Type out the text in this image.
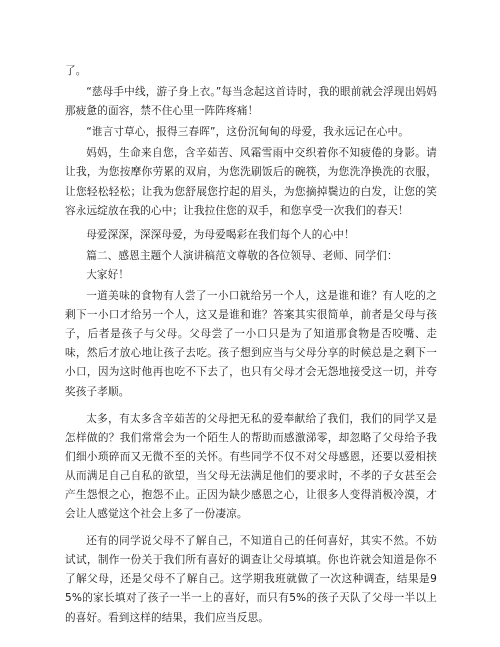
了。

“慈母手中线，游子身上衣。”每当念起这首诗时，我的眼前就会浮现出妈妈那疲惫的面容，禁不住心里一阵阵疼痛！

“谁言寸草心，报得三春晖”，这份沉甸甸的母爱，我永远记在心中。

妈妈，生命来自您，含辛茹苦、风霜雪雨中交织着你不知疲倦的身影。请让我，为您按摩你劳累的双肩，为您洗刷饭后的碗筷，为您洗净换洗的衣服，让您轻松轻松；让我为您舒展您拧起的眉头，为您摘掉鬓边的白发，让您的笑容永远绽放在我的心中；让我拉住您的双手，和您享受一次我们的春天！

母爱深深，深深母爱，为母爱喝彩在我们每个人的心中！

篇二、感恩主题个人演讲稿范文尊敬的各位领导、老师、同学们：

大家好！

一道美味的食物有人尝了一小口就给另一个人，这是谁和谁？有人吃的之剩下一小口才给另一个人，这又是谁和谁？答案其实很简单，前者是父母与孩子，后者是孩子与父母。父母尝了一小口只是为了知道那食物是否咬嘴、走味，然后才放心地让孩子去吃。孩子想到应当与父母分享的时候总是之剩下一小口，因为这时他再也吃不下去了，也只有父母才会无怨地接受这一切，并夸奖孩子孝顺。

太多，有太多含辛茹苦的父母把无私的爱奉献给了我们，我们的同学又是怎样做的？我们常常会为一个陌生人的帮助而感激涕零，却忽略了父母给予我们细小琐碎而又无微不至的关怀。有些同学不仅不对父母感恩，还要以爱相挟从而满足自己自私的欲望，当父母无法满足他们的要求时，不孝的子女甚至会产生怨恨之心，抱怨不止。正因为缺少感恩之心，让很多人变得消极冷漠，才会让人感觉这个社会上多了一份凄凉。

还有的同学说父母不了解自己，不知道自己的任何喜好，其实不然。不妨试试，制作一份关于我们所有喜好的调查让父母填填。你也许就会知道是你不了解父母，还是父母不了解自己。这学期我班就做了一次这种调查，结果是95%的家长填对了孩子一半一上的喜好，而只有5%的孩子天队了父母一半以上的喜好。看到这样的结果，我们应当反思。
